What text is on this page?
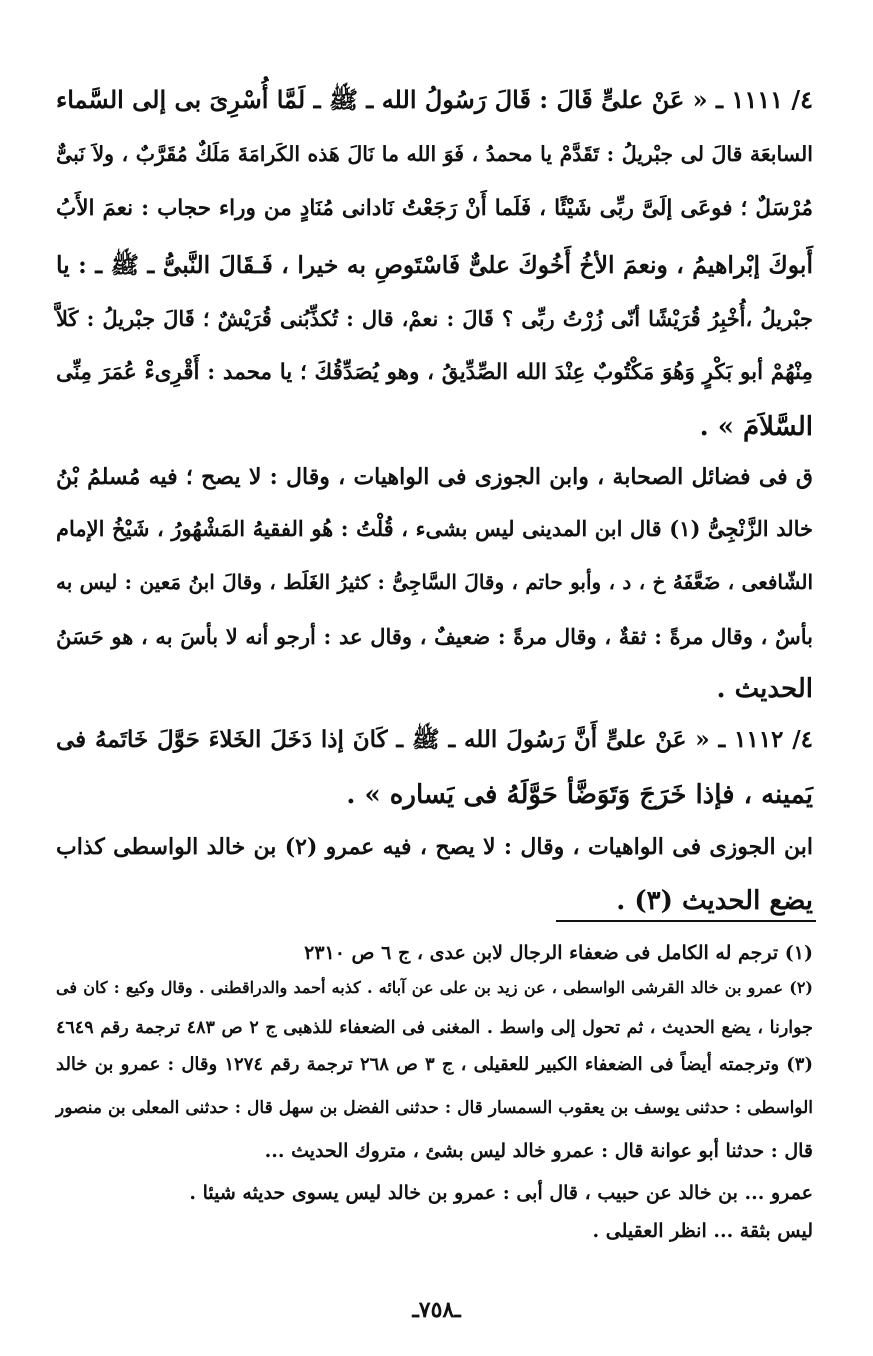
٤/ ١١١١ ـ « عَنْ علىٍّ قَالَ : قَالَ رَسُولُ الله ـ ﷺ ـ لَمَّا أُسْرِىَ بى إلى السَّماء
السابعَة قالَ لى جبْريلُ : تَقَدَّمْ يا محمدُ ، فَوَ الله ما نَالَ هَذه الكَرامَةَ مَلَكٌ مُقَرَّبٌ ، ولاَ نَبىٌّ
مُرْسَلٌ ؛ فوعَى إلَىَّ ربِّى شَيْئًا ، فَلَما أَنْ رَجَعْتُ نَادانى مُنَادٍ من وراء حجاب : نعمَ الأَبُ
أَبوكَ إبْراهيمُ ، ونعمَ الأخُ أَخُوكَ علىٌّ فَاسْتَوصِ به خيرا ، فَـقَالَ النَّبىُّ ـ ﷺ ـ : يا
جبْريلُ ،أُخْبِرُ قُرَيْشًا أنّى زُرْتُ ربِّى ؟ قَالَ : نعمْ، قال : تُكذِّبُنى قُرَيْشٌ ؛ قَالَ جبْريلُ : كَلاَّ
مِنْهُمْ أبو بَكْرٍ وَهُوَ مَكْتُوبٌ عِنْدَ الله الصِّدِّيقُ ، وهو يُصَدِّقُكَ ؛ يا محمد : أَقْرِىءْ عُمَرَ مِنِّى
السَّلاَمَ » .
ق فى فضائل الصحابة ، وابن الجوزى فى الواهيات ، وقال : لا يصح ؛ فيه مُسلمُ بْنُ
خالد الزَّنْجِىُّ (١) قال ابن المدينى ليس بشىء ، قُلْتُ : هُو الفقيهُ المَشْهُورُ ، شَيْخُ الإمام
الشّافعى ، ضَعَّفَهُ خ ، د ، وأبو حاتم ، وقالَ السَّاجِىُّ : كثيرُ الغَلَط ، وقالَ ابنُ مَعين : ليس به
بأسٌ ، وقال مرةً : ثقةٌ ، وقال مرةً : ضعيفٌ ، وقال عد : أرجو أنه لا بأسَ به ، هو حَسَنُ
الحديث .
٤/ ١١١٢ ـ « عَنْ علىٍّ أَنَّ رَسُولَ الله ـ ﷺ ـ كَانَ إذا دَخَلَ الخَلاءَ حَوَّلَ خَاتَمهُ فى
يَمينه ، فإذا خَرَجَ وَتَوَضَّأ حَوَّلَهُ فى يَساره » .
ابن الجوزى فى الواهيات ، وقال : لا يصح ، فيه عمرو (٢) بن خالد الواسطى كذاب
يضع الحديث (٣) .
(١) ترجم له الكامل فى ضعفاء الرجال لابن عدى ، ج ٦ ص ٢٣١٠
(٢) عمرو بن خالد القرشى الواسطى ، عن زيد بن على عن آبائه . كذبه أحمد والدراقطنى . وقال وكيع : كان فى
جوارنا ، يضع الحديث ، ثم تحول إلى واسط . المغنى فى الضعفاء للذهبى ج ٢ ص ٤٨٣ ترجمة رقم ٤٦٤٩
(٣) وترجمته أيضاً فى الضعفاء الكبير للعقيلى ، ج ٣ ص ٢٦٨ ترجمة رقم ١٢٧٤ وقال : عمرو بن خالد
الواسطى : حدثنى يوسف بن يعقوب السمسار قال : حدثنى الفضل بن سهل قال : حدثنى المعلى بن منصور
قال : حدثنا أبو عوانة قال : عمرو خالد ليس بشئ ، متروك الحديث ...
عمرو ... بن خالد عن حبيب ، قال أبى : عمرو بن خالد ليس يسوى حديثه شيئا .
ليس بثقة ... انظر العقيلى .
ـ٧٥٨ـ
